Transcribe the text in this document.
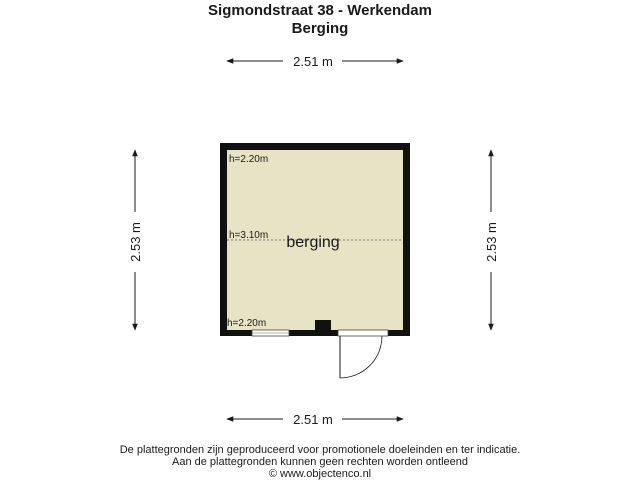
Sigmondstraat 38 - Werkendam
Berging
2.51 m
2.51 m
2.53 m	2.53 m
h=2.20m
h=3.10m
h=2.20m
berging
De plattegronden zijn geproduceerd voor promotionele doeleinden en ter indicatie.
Aan de plattegronden kunnen geen rechten worden ontleend
© www.objectenco.nl
